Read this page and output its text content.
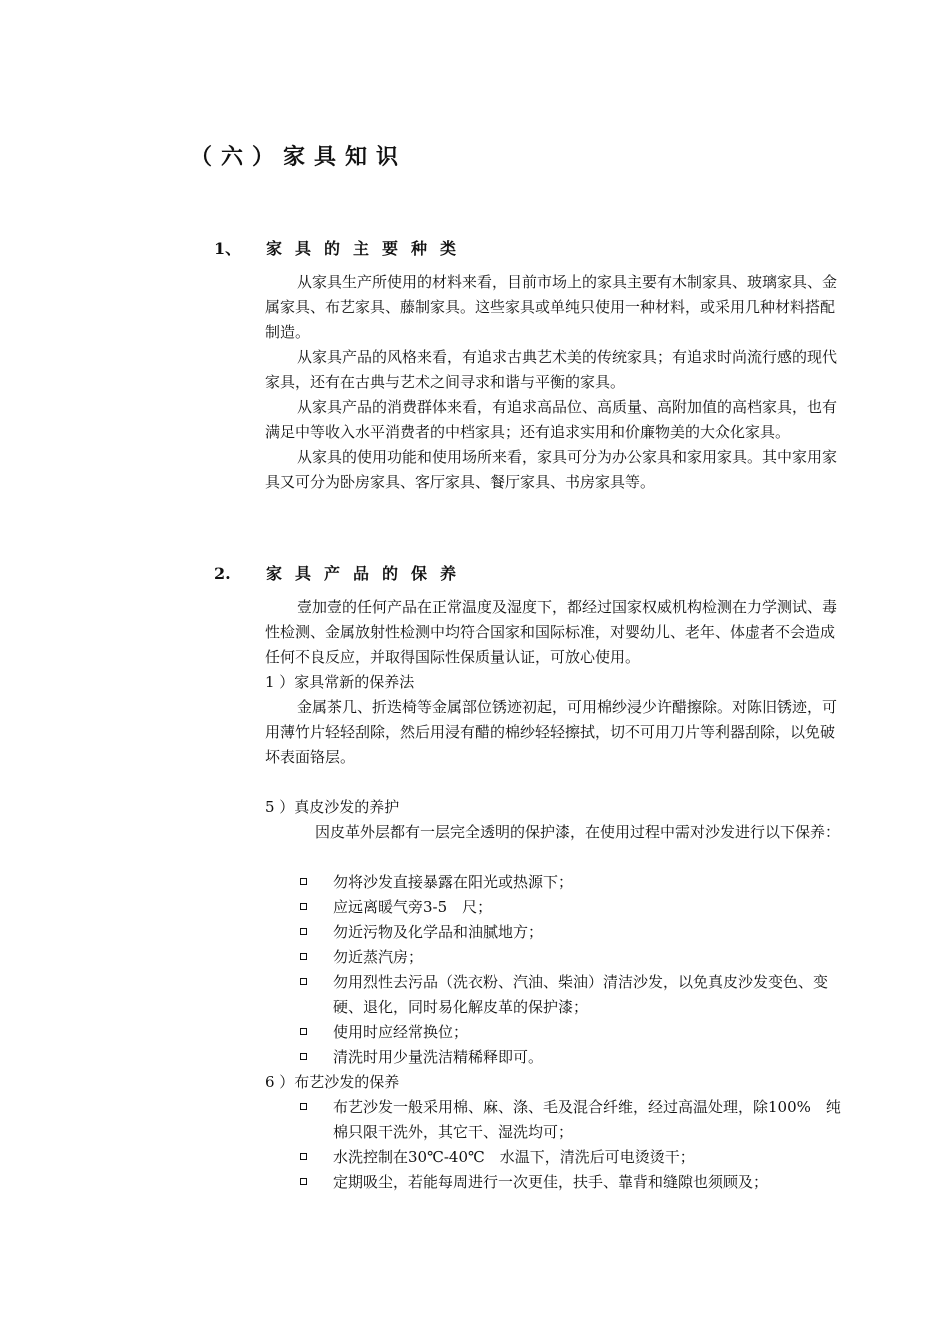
（六）家具知识
1、 家具的主要种类

从家具生产所使用的材料来看，目前市场上的家具主要有木制家具、玻璃家具、金属家具、布艺家具、藤制家具。这些家具或单纯只使用一种材料，或采用几种材料搭配制造。

从家具产品的风格来看，有追求古典艺术美的传统家具；有追求时尚流行感的现代家具，还有在古典与艺术之间寻求和谐与平衡的家具。

从家具产品的消费群体来看，有追求高品位、高质量、高附加值的高档家具，也有满足中等收入水平消费者的中档家具；还有追求实用和价廉物美的大众化家具。

从家具的使用功能和使用场所来看，家具可分为办公家具和家用家具。其中家用家具又可分为卧房家具、客厅家具、餐厅家具、书房家具等。

2. 家具产品的保养
壹加壹的任何产品在正常温度及湿度下，都经过国家权威机构检测在力学测试、毒性检测、金属放射性检测中均符合国家和国际标准，对婴幼儿、老年、体虚者不会造成任何不良反应，并取得国际性保质量认证，可放心使用。
1 ）家具常新的保养法
金属茶几、折迭椅等金属部位锈迹初起，可用棉纱浸少许醋擦除。对陈旧锈迹，可用薄竹片轻轻刮除，然后用浸有醋的棉纱轻轻擦拭，切不可用刀片等利器刮除，以免破坏表面铬层。
5 ）真皮沙发的养护
因皮革外层都有一层完全透明的保护漆，在使用过程中需对沙发进行以下保养：
勿将沙发直接暴露在阳光或热源下；
应远离暖气旁3-5　尺；
勿近污物及化学品和油腻地方；
勿近蒸汽房；
勿用烈性去污品（洗衣粉、汽油、柴油）清洁沙发，以免真皮沙发变色、变硬、退化，同时易化解皮革的保护漆；
使用时应经常换位；
清洗时用少量洗洁精稀释即可。
6 ）布艺沙发的保养
布艺沙发一般采用棉、麻、涤、毛及混合纤维，经过高温处理，除100%　纯棉只限干洗外，其它干、湿洗均可；
水洗控制在30℃-40℃　水温下，清洗后可电烫烫干；
定期吸尘，若能每周进行一次更佳，扶手、靠背和缝隙也须顾及；
